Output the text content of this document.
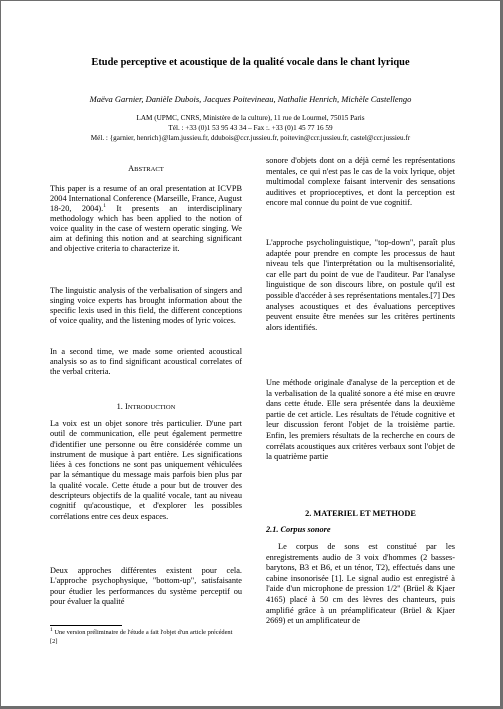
Etude perceptive et acoustique de la qualité vocale dans le chant lyrique
Maëva Garnier, Danièle Dubois, Jacques Poitevineau, Nathalie Henrich, Michèle Castellengo
LAM (UPMC, CNRS, Ministère de la culture), 11 rue de Lourmel, 75015 Paris
Tél. : +33 (0)1 53 95 43 34 – Fax :. +33 (0)1 45 77 16 59
Mél. : {garnier, henrich}@lam.jussieu.fr, ddubois@ccr.jussieu.fr, poitevin@ccr.jussieu.fr, castel@ccr.jussieu.fr
ABSTRACT

This paper is a resume of an oral presentation at ICVPB 2004 International Conference (Marseille, France, August 18-20, 2004).$^1$ It presents an interdisciplinary methodology which has been applied to the notion of voice quality in the case of western operatic singing. We aim at defining this notion and at searching significant and objective criteria to characterize it.

The linguistic analysis of the verbalisation of singers and singing voice experts has brought information about the specific lexis used in this field, the different conceptions of voice quality, and the listening modes of lyric voices.

In a second time, we made some oriented acoustical analysis so as to find significant acoustical correlates of the verbal criteria.

1. INTRODUCTION

La voix est un objet sonore très particulier. D'une part outil de communication, elle peut également permettre d'identifier une personne ou être considérée comme un instrument de musique à part entière. Les significations liées à ces fonctions ne sont pas uniquement véhiculées par la sémantique du message mais parfois bien plus par la qualité vocale. Cette étude a pour but de trouver des descripteurs objectifs de la qualité vocale, tant au niveau cognitif qu'acoustique, et d'explorer les possibles corrélations entre ces deux espaces.

Deux approches différentes existent pour cela. L'approche psychophysique, "bottom-up", satisfaisante pour étudier les performances du système perceptif ou pour évaluer la qualité

$^1$ Une version préliminaire de l'étude a fait l'objet d'un article précédent [2]

sonore d'objets dont on a déjà cerné les représentations mentales, ce qui n'est pas le cas de la voix lyrique, objet multimodal complexe faisant intervenir des sensations auditives et proprioceptives, et dont la perception est encore mal connue du point de vue cognitif.

L'approche psycholinguistique, "top-down", paraît plus adaptée pour prendre en compte les processus de haut niveau tels que l'interprétation ou la multisensorialité, car elle part du point de vue de l'auditeur. Par l'analyse linguistique de son discours libre, on postule qu'il est possible d'accéder à ses représentations mentales.[7] Des analyses acoustiques et des évaluations perceptives peuvent ensuite être menées sur les critères pertinents alors identifiés.

Une méthode originale d'analyse de la perception et de la verbalisation de la qualité sonore a été mise en œuvre dans cette étude. Elle sera présentée dans la deuxième partie de cet article. Les résultats de l'étude cognitive et leur discussion feront l'objet de la troisième partie. Enfin, les premiers résultats de la recherche en cours de corrélats acoustiques aux critères verbaux sont l'objet de la quatrième partie

2. MATERIEL ET METHODE
2.1. Corpus sonore

Le corpus de sons est constitué par les enregistrements audio de 3 voix d'hommes (2 basses-barytons, B3 et B6, et un ténor, T2), effectués dans une cabine insonorisée [1]. Le signal audio est enregistré à l'aide d'un microphone de pression 1/2" (Brüel & Kjaer 4165) placé à 50 cm des lèvres des chanteurs, puis amplifié grâce à un préamplificateur (Brüel & Kjaer 2669) et un amplificateur de
